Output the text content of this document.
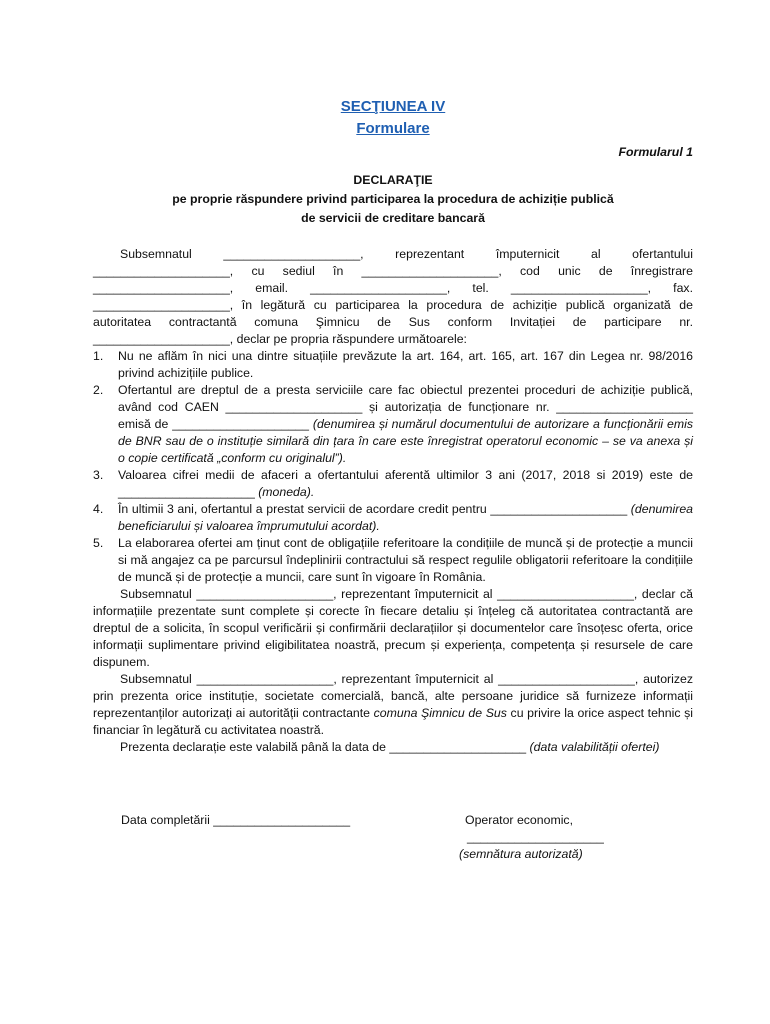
SECŢIUNEA IV
Formulare
Formularul 1
DECLARAŢIE
pe proprie răspundere privind participarea la procedura de achiziție publică
de servicii de creditare bancară
Subsemnatul ____________________, reprezentant împuternicit al ofertantului ____________________, cu sediul în ____________________, cod unic de înregistrare ____________________, email. ____________________, tel. ____________________, fax. ____________________, în legătură cu participarea la procedura de achiziție publică organizată de autoritatea contractantă comuna Şimnicu de Sus conform Invitației de participare nr. ____________________, declar pe propria răspundere următoarele:
1. Nu ne aflăm în nici una dintre situațiile prevăzute la art. 164, art. 165, art. 167 din Legea nr. 98/2016 privind achizițiile publice.
2. Ofertantul are dreptul de a presta serviciile care fac obiectul prezentei proceduri de achiziție publică, având cod CAEN ____________________ și autorizația de funcționare nr. ____________________ emisă de ____________________ (denumirea și numărul documentului de autorizare a funcționării emis de BNR sau de o instituție similară din țara în care este înregistrat operatorul economic – se va anexa și o copie certificată „conform cu originalul”).
3. Valoarea cifrei medii de afaceri a ofertantului aferentă ultimilor 3 ani (2017, 2018 si 2019) este de ____________________ (moneda).
4. În ultimii 3 ani, ofertantul a prestat servicii de acordare credit pentru ____________________ (denumirea beneficiarului și valoarea împrumutului acordat).
5. La elaborarea ofertei am ținut cont de obligațiile referitoare la condițiile de muncă și de protecție a muncii si mă angajez ca pe parcursul îndeplinirii contractului să respect regulile obligatorii referitoare la condițiile de muncă și de protecție a muncii, care sunt în vigoare în România.
Subsemnatul ____________________, reprezentant împuternicit al ____________________, declar că informațiile prezentate sunt complete și corecte în fiecare detaliu și înțeleg că autoritatea contractantă are dreptul de a solicita, în scopul verificării și confirmării declarațiilor și documentelor care însoțesc oferta, orice informații suplimentare privind eligibilitatea noastră, precum și experiența, competența și resursele de care dispunem.
Subsemnatul ____________________, reprezentant împuternicit al ____________________, autorizez prin prezenta orice instituție, societate comercială, bancă, alte persoane juridice să furnizeze informații reprezentanților autorizați ai autorității contractante comuna Şimnicu de Sus cu privire la orice aspect tehnic și financiar în legătură cu activitatea noastră.
Prezenta declarație este valabilă până la data de ____________________ (data valabilității ofertei)
Data completării ____________________	Operator economic,
____________________
(semnătura autorizată)
